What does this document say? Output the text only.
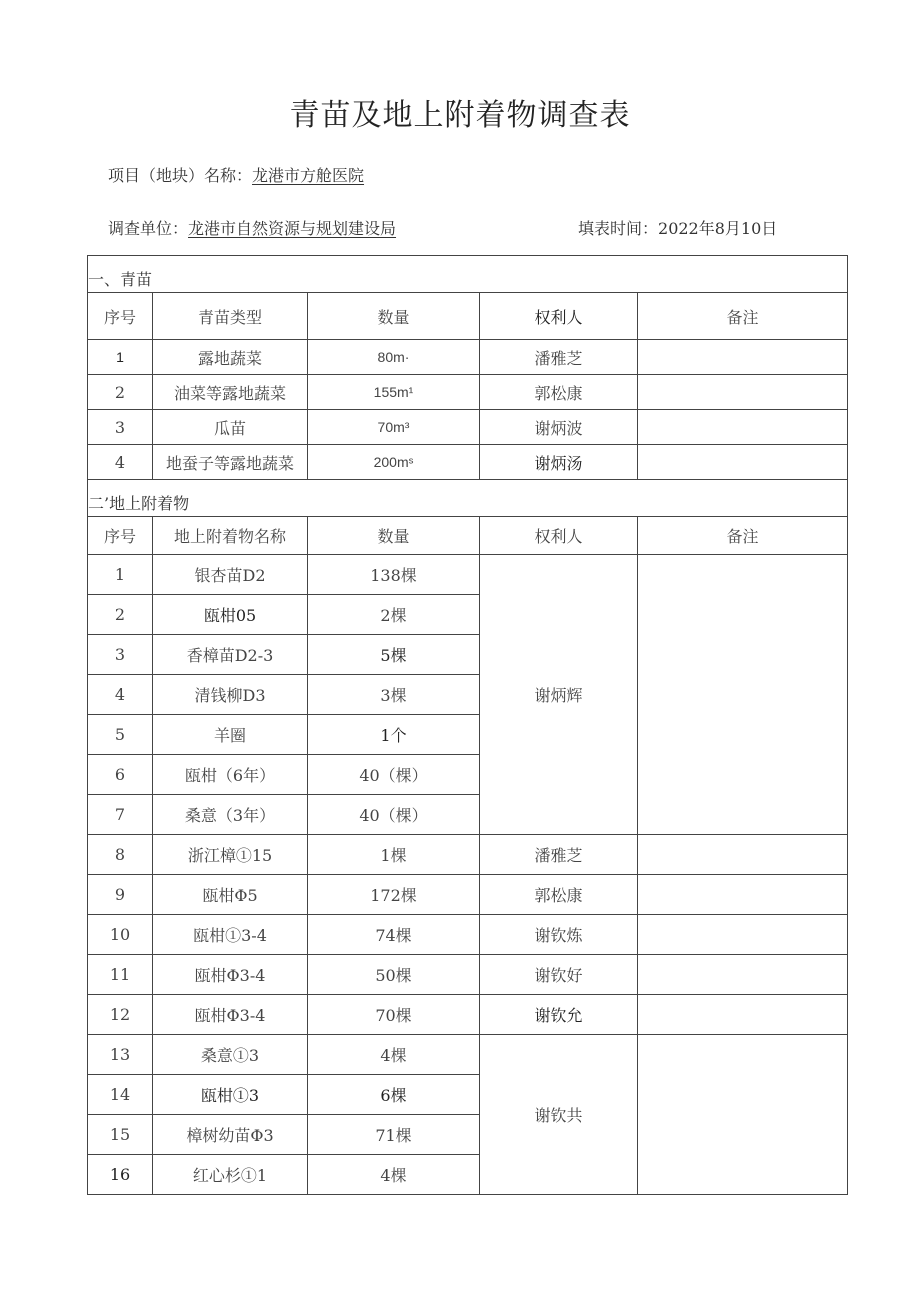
青苗及地上附着物调查表
项目（地块）名称：龙港市方舱医院
调查单位：龙港市自然资源与规划建设局	填表时间：2022年8月10日
一、青苗				
序号	青苗类型	数量	权利人	备注
1	露地蔬菜	80m·	潘雅芝	
2	油菜等露地蔬菜	155m¹	郭松康	
3	瓜苗	70m³	谢炳波	
4	地蚕子等露地蔬菜	200mˢ	谢炳汤	
二’地上附着物				
序号	地上附着物名称	数量	权利人	备注
1	银杏苗D2	138棵	谢炳辉	
2	瓯柑05	2棵		
3	香樟苗D2-3	5棵		
4	清钱柳D3	3棵		
5	羊圈	1个		
6	瓯柑（6年）	40（棵）		
7	桑意（3年）	40（棵）		
8	浙江樟①15	1棵	潘雅芝	
9	瓯柑Φ5	172棵	郭松康	
10	瓯柑①3-4	74棵	谢钦炼	
11	瓯柑Φ3-4	50棵	谢钦好	
12	瓯柑Φ3-4	70棵	谢钦允	
13	桑意①3	4棵	谢钦共	
14	瓯柑①3	6棵		
15	樟树幼苗Φ3	71棵		
16	红心杉①1	4棵		
